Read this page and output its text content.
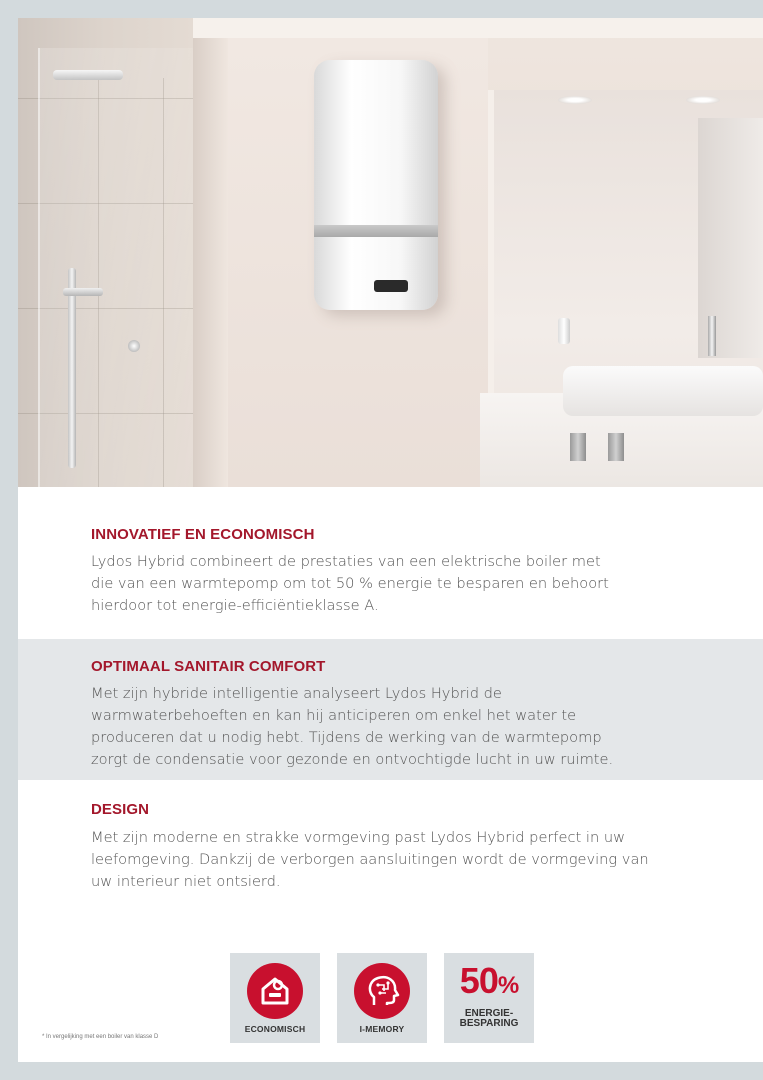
INNOVATIEF EN ECONOMISCH
Lydos Hybrid combineert de prestaties van een elektrische boiler met
die van een warmtepomp om tot 50 % energie te besparen en behoort
hierdoor tot energie-efficiëntieklasse A.
OPTIMAAL SANITAIR COMFORT
Met zijn hybride intelligentie analyseert Lydos Hybrid de
warmwaterbehoeften en kan hij anticiperen om enkel het water te
produceren dat u nodig hebt. Tijdens de werking van de warmtepomp
zorgt de condensatie voor gezonde en ontvochtigde lucht in uw ruimte.
DESIGN
Met zijn moderne en strakke vormgeving past Lydos Hybrid perfect in uw
leefomgeving. Dankzij de verborgen aansluitingen wordt de vormgeving van
uw interieur niet ontsierd.
ECONOMISCH	I-MEMORY
50%
ENERGIE-
BESPARING
* In vergelijking met een boiler van klasse D
